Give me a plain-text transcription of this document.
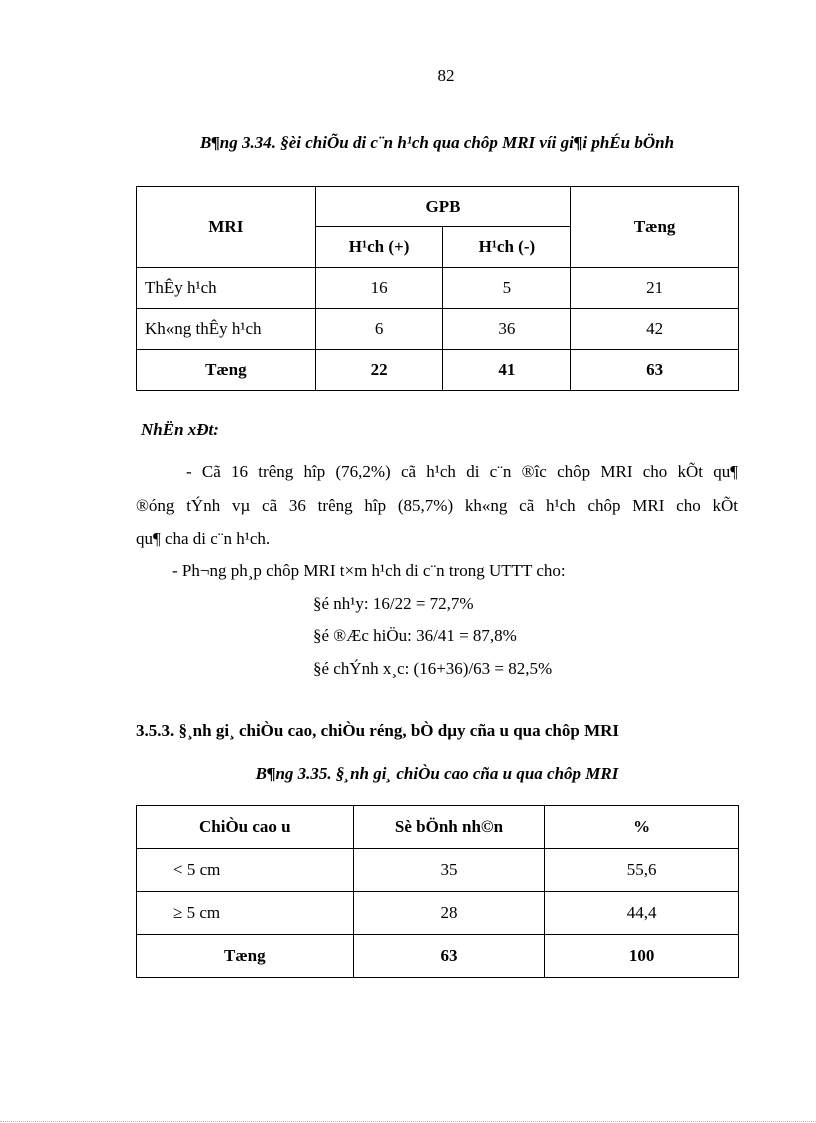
82
B¶ng 3.34. §èi chiÕu di c¨n h¹ch qua chôp MRI víi gi¶i phÉu bÖnh
MRI	GPB		Tæng
	H¹ch (+)	H¹ch (-)	
ThÊy h¹ch	16	5	21
Kh«ng thÊy h¹ch	6	36	42
Tæng	22	41	63
NhËn xÐt:
- Cã 16 trêng hîp (76,2%) cã h¹ch di c¨n ®îc chôp MRI cho kÕt qu¶
®óng tÝnh vµ cã 36 trêng hîp (85,7%) kh«ng cã h¹ch chôp MRI cho kÕt
qu¶ cha di c¨n h¹ch.
- Ph¬ng ph¸p chôp MRI t×m h¹ch di c¨n trong UTTT cho:
§é nh¹y: 16/22 = 72,7%
§é ®Æc hiÖu: 36/41 = 87,8%
§é chÝnh x¸c: (16+36)/63 = 82,5%
3.5.3. §¸nh gi¸ chiÒu cao, chiÒu réng, bÒ dµy cña u qua chôp MRI
B¶ng 3.35. §¸nh gi¸ chiÒu cao cña u qua chôp MRI
ChiÒu cao u	Sè bÖnh nh©n	%
< 5 cm	35	55,6
≥ 5 cm	28	44,4
Tæng	63	100
